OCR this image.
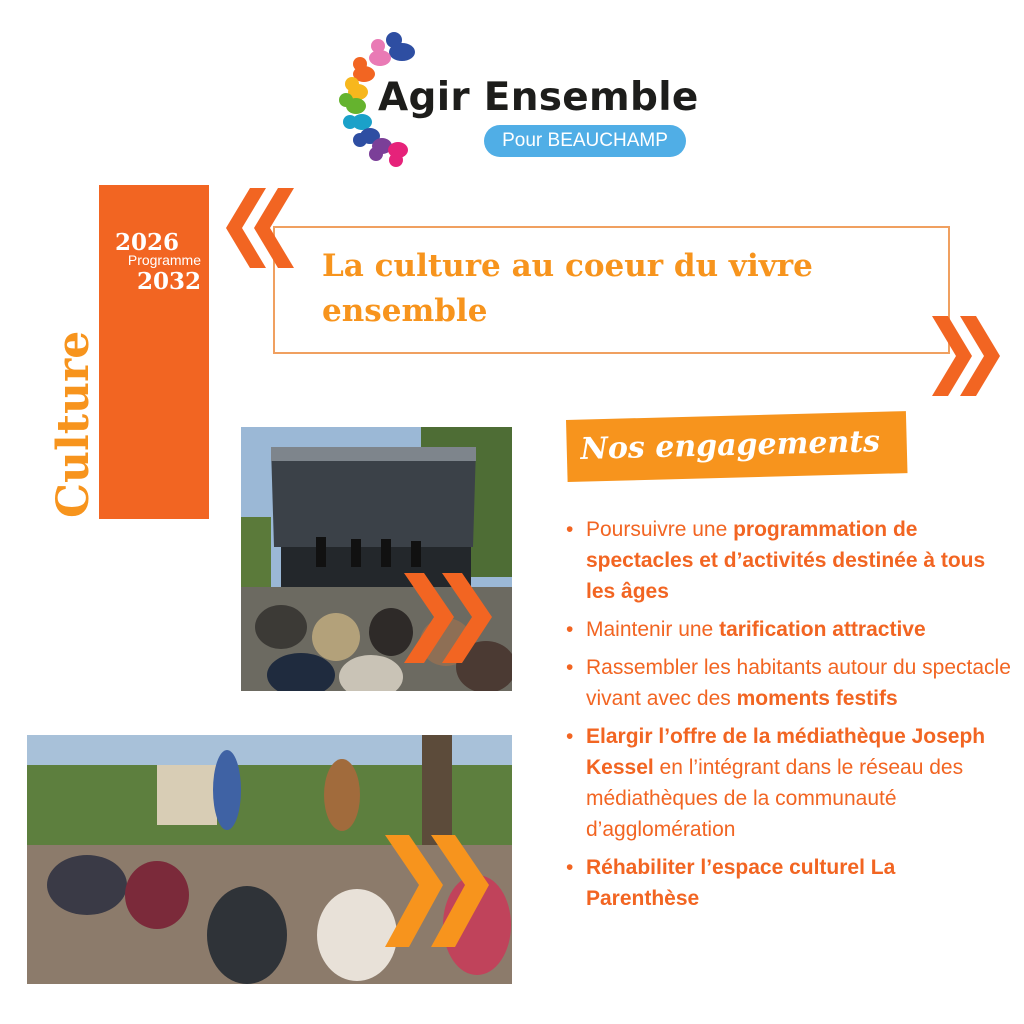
Agir Ensemble
Pour BEAUCHAMP
2026
Programme
2032
Culture
La culture au coeur du vivre ensemble
Nos engagements
• Poursuivre une programmation de spectacles et d’activités destinée à tous les âges
• Maintenir une tarification attractive
• Rassembler les habitants autour du spectacle vivant avec des moments festifs
• Elargir l’offre de la médiathèque Joseph Kessel en l’intégrant dans le réseau des médiathèques de la communauté d’agglomération
• Réhabiliter l’espace culturel La Parenthèse
